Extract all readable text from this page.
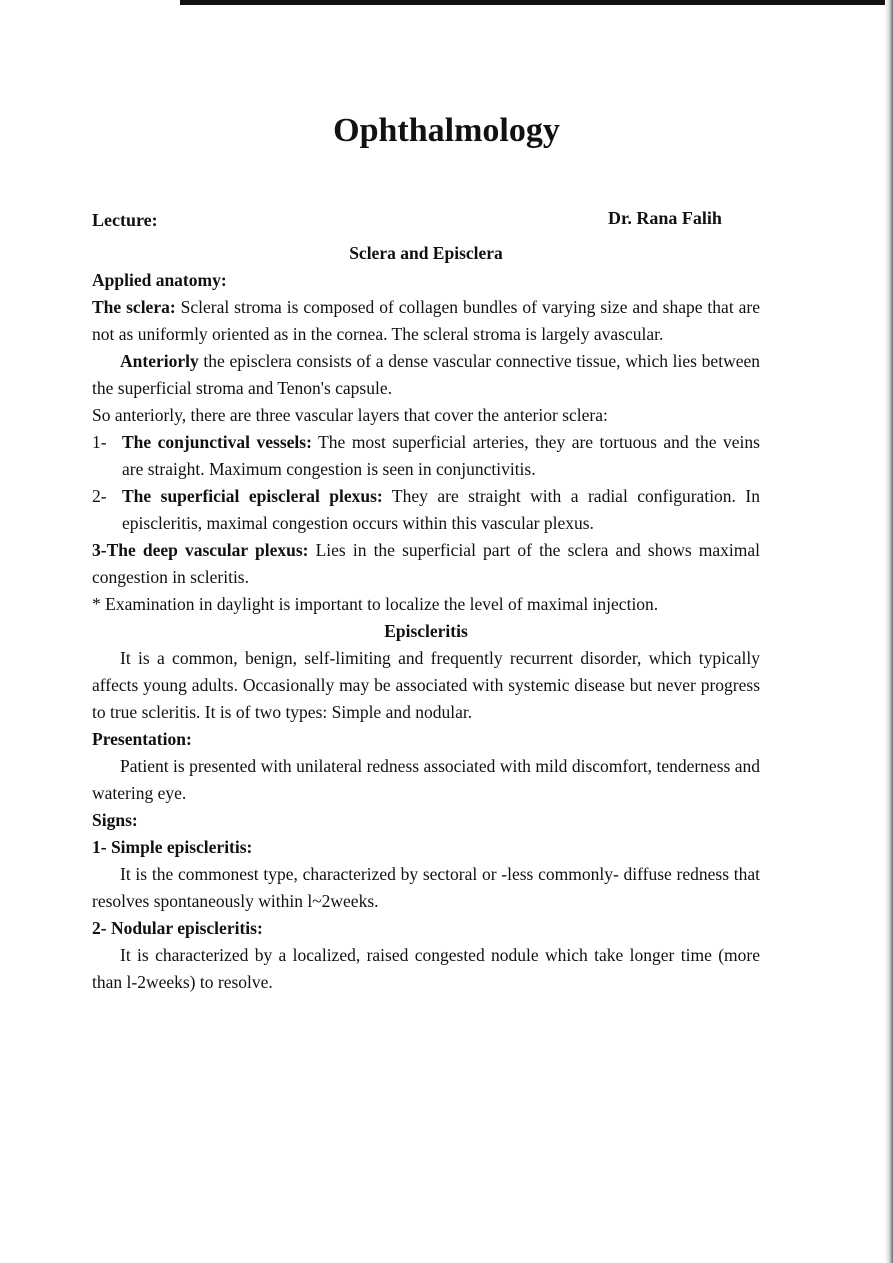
Ophthalmology
Lecture:	Dr. Rana Falih

Sclera and Episclera

Applied anatomy:

The sclera: Scleral stroma is composed of collagen bundles of varying size and shape that are not as uniformly oriented as in the cornea. The scleral stroma is largely avascular.

Anteriorly the episclera consists of a dense vascular connective tissue, which lies between the superficial stroma and Tenon's capsule.

So anteriorly, there are three vascular layers that cover the anterior sclera:

1- The conjunctival vessels: The most superficial arteries, they are tortuous and the veins are straight. Maximum congestion is seen in conjunctivitis.

2- The superficial episcleral plexus: They are straight with a radial configuration. In episcleritis, maximal congestion occurs within this vascular plexus.

3-The deep vascular plexus: Lies in the superficial part of the sclera and shows maximal congestion in scleritis.

* Examination in daylight is important to localize the level of maximal injection.

Episcleritis

It is a common, benign, self-limiting and frequently recurrent disorder, which typically affects young adults. Occasionally may be associated with systemic disease but never progress to true scleritis. It is of two types: Simple and nodular.

Presentation:

Patient is presented with unilateral redness associated with mild discomfort, tenderness and watering eye.

Signs:

1- Simple episcleritis:

It is the commonest type, characterized by sectoral or -less commonly- diffuse redness that resolves spontaneously within l~2weeks.

2- Nodular episcleritis:

It is characterized by a localized, raised congested nodule which take longer time (more than l-2weeks) to resolve.
